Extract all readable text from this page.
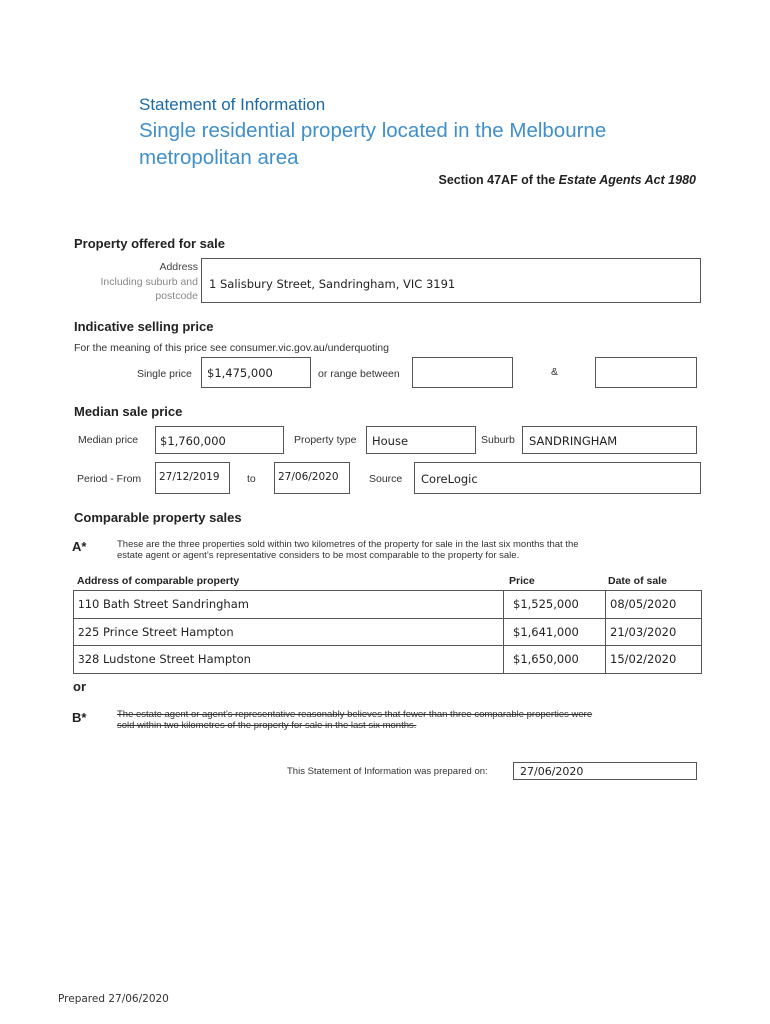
Statement of Information
Single residential property located in the Melbourne
metropolitan area
Section 47AF of the Estate Agents Act 1980
Property offered for sale
Address
Including suburb and
postcode
1 Salisbury Street, Sandringham, VIC 3191
Indicative selling price
For the meaning of this price see consumer.vic.gov.au/underquoting
Single price $1,475,000	or range between	&
Median sale price
Median price $1,760,000	Property type House	Suburb SANDRINGHAM
Period - From 27/12/2019	to 27/06/2020	Source CoreLogic
Comparable property sales
A*	These are the three properties sold within two kilometres of the property for sale in the last six months that the
estate agent or agent’s representative considers to be most comparable to the property for sale.
Address of comparable property	Price	Date of sale
110 Bath Street Sandringham	$1,525,000	08/05/2020
225 Prince Street Hampton	$1,641,000	21/03/2020
328 Ludstone Street Hampton	$1,650,000	15/02/2020
or
B*	The estate agent or agent’s representative reasonably believes that fewer than three comparable properties were
sold within two kilometres of the property for sale in the last six months.
This Statement of Information was prepared on:	27/06/2020
Prepared 27/06/2020
